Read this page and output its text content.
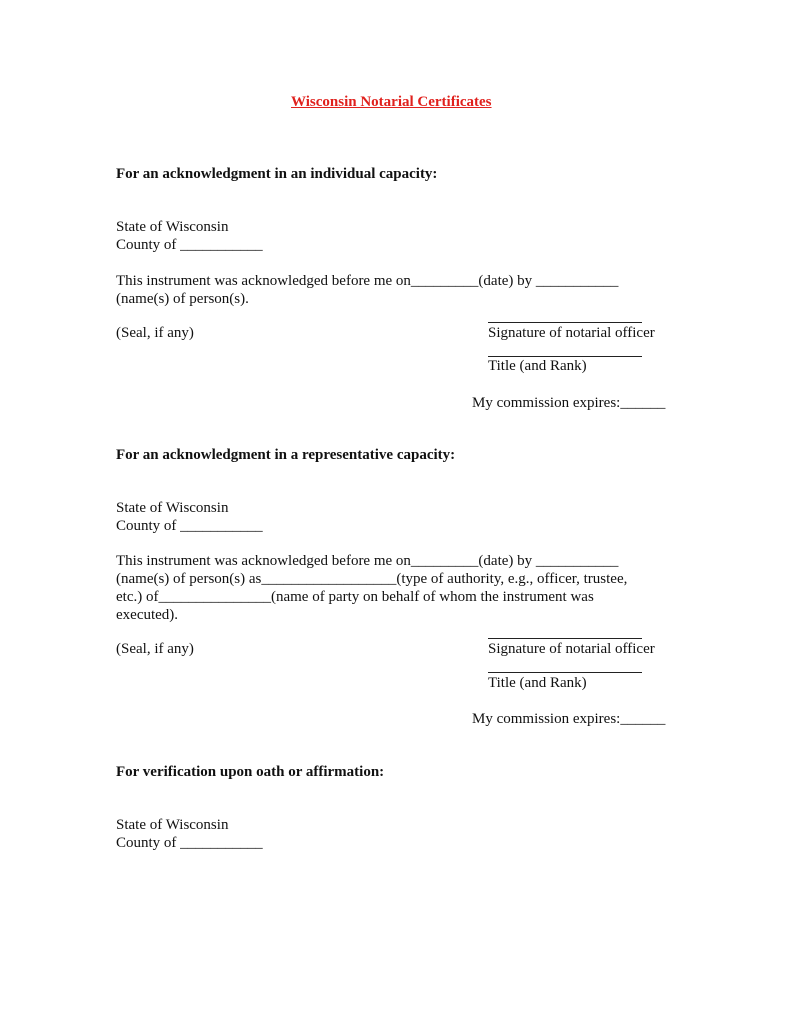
Wisconsin Notarial Certificates
For an acknowledgment in an individual capacity:
State of Wisconsin
County of ___________
This instrument was acknowledged before me on_________(date) by ___________
(name(s) of person(s).
(Seal, if any)	Signature of notarial officer
Title (and Rank)
My commission expires:______
For an acknowledgment in a representative capacity:
State of Wisconsin
County of ___________
This instrument was acknowledged before me on_________(date) by ___________
(name(s) of person(s) as__________________(type of authority, e.g., officer, trustee,
etc.) of_______________(name of party on behalf of whom the instrument was
executed).
(Seal, if any)	Signature of notarial officer
Title (and Rank)
My commission expires:______
For verification upon oath or affirmation:
State of Wisconsin
County of ___________
